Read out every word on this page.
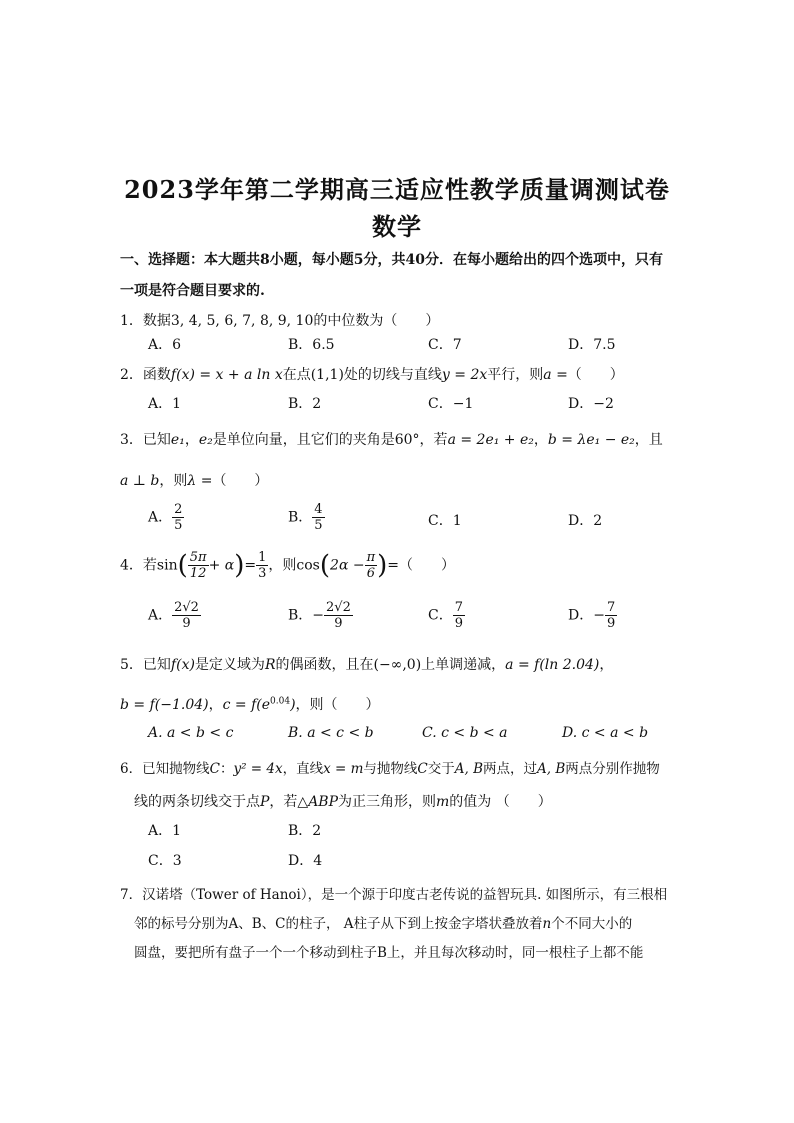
2023学年第二学期高三适应性教学质量调测试卷
数学
一、选择题：本大题共8小题，每小题5分，共40分．在每小题给出的四个选项中，只有
一项是符合题目要求的.
1．数据3, 4, 5, 6, 7, 8, 9, 10的中位数为（　　）
A．6	B．6.5	C．7	D．7.5
2．函数f(x) = x + a ln x在点(1,1)处的切线与直线y = 2x平行，则a =（　　）
A．1	B．2	C．−1	D．−2
3．已知e₁，e₂是单位向量，且它们的夹角是60°，若a = 2e₁ + e₂，b = λe₁ − e₂，且
a ⊥ b，则λ =（　　）
A． $\frac{2}{5}$	B． $\frac{4}{5}$	C．1	D．2
4．若$\sin( \frac{5\pi}{12} + \alpha)= \frac{1}{3}$ ，则$\cos(2\alpha - \frac{\pi}{6}$ )=（　　）
A． $\frac{2√2}{9}$	B．− $\frac{2√2}{9}$	C． $\frac{7}{9}$	D．− $\frac{7}{9}$
5．已知f(x)是定义域为R的偶函数，且在(−∞,0)上单调递减，a = f(ln 2.04)，
b = f(−1.04)，$c = f(e^{0.04})$，则（　　）
A. a < b < c	B. a < c < b	C. c < b < a	D. c < a < b
6．已知抛物线C：y² = 4x，直线x = m与抛物线C交于A, B两点，过A, B两点分别作抛物
线的两条切线交于点P，若△ABP为正三角形，则m的值为 （　　）
A．1	B．2
C．3	D．4
7．汉诺塔（Tower of Hanoi），是一个源于印度古老传说的益智玩具. 如图所示，有三根相
邻的标号分别为A、B、C的柱子， A柱子从下到上按金字塔状叠放着n个不同大小的
圆盘，要把所有盘子一个一个移动到柱子B上，并且每次移动时，同一根柱子上都不能
